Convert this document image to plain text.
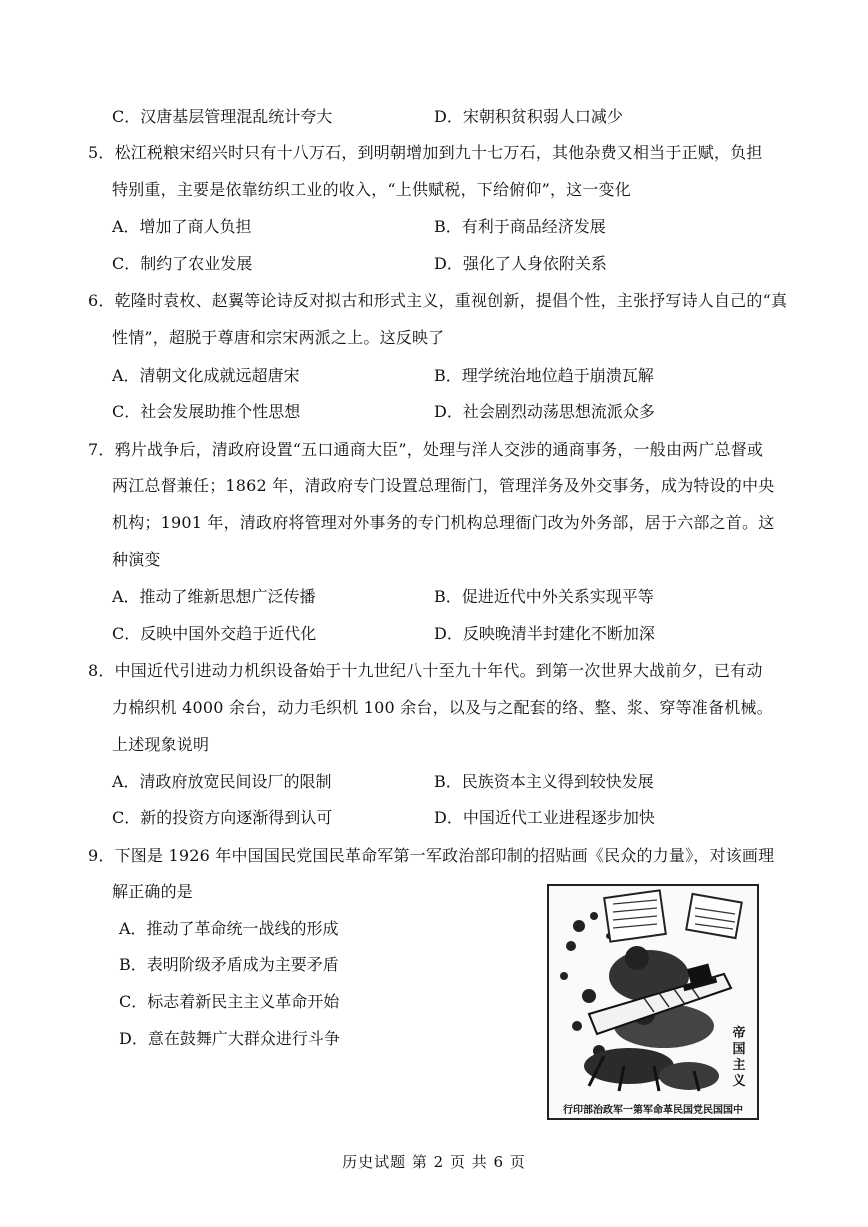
C．汉唐基层管理混乱统计夸大	D．宋朝积贫积弱人口减少
5．松江税粮宋绍兴时只有十八万石，到明朝增加到九十七万石，其他杂费又相当于正赋，负担
特别重，主要是依靠纺织工业的收入，“上供赋税，下给俯仰”，这一变化
A．增加了商人负担	B．有利于商品经济发展
C．制约了农业发展	D．强化了人身依附关系
6．乾隆时袁枚、赵翼等论诗反对拟古和形式主义，重视创新，提倡个性，主张抒写诗人自己的“真
性情”，超脱于尊唐和宗宋两派之上。这反映了
A．清朝文化成就远超唐宋	B．理学统治地位趋于崩溃瓦解
C．社会发展助推个性思想	D．社会剧烈动荡思想流派众多
7．鸦片战争后，清政府设置“五口通商大臣”，处理与洋人交涉的通商事务，一般由两广总督或
两江总督兼任；1862 年，清政府专门设置总理衙门，管理洋务及外交事务，成为特设的中央
机构；1901 年，清政府将管理对外事务的专门机构总理衙门改为外务部，居于六部之首。这
种演变
A．推动了维新思想广泛传播	B．促进近代中外关系实现平等
C．反映中国外交趋于近代化	D．反映晚清半封建化不断加深
8．中国近代引进动力机织设备始于十九世纪八十至九十年代。到第一次世界大战前夕，已有动
力棉织机 4000 余台，动力毛织机 100 余台，以及与之配套的络、整、浆、穿等准备机械。
上述现象说明
A．清政府放宽民间设厂的限制	B．民族资本主义得到较快发展
C．新的投资方向逐渐得到认可	D．中国近代工业进程逐步加快
9．下图是 1926 年中国国民党国民革命军第一军政治部印制的招贴画《民众的力量》，对该画理
解正确的是
A．推动了革命统一战线的形成
B．表明阶级矛盾成为主要矛盾
C．标志着新民主主义革命开始
D．意在鼓舞广大群众进行斗争	帝国主义
行印部治政军一第军命革民国党民国国中
历史试题 第 2 页 共 6 页
